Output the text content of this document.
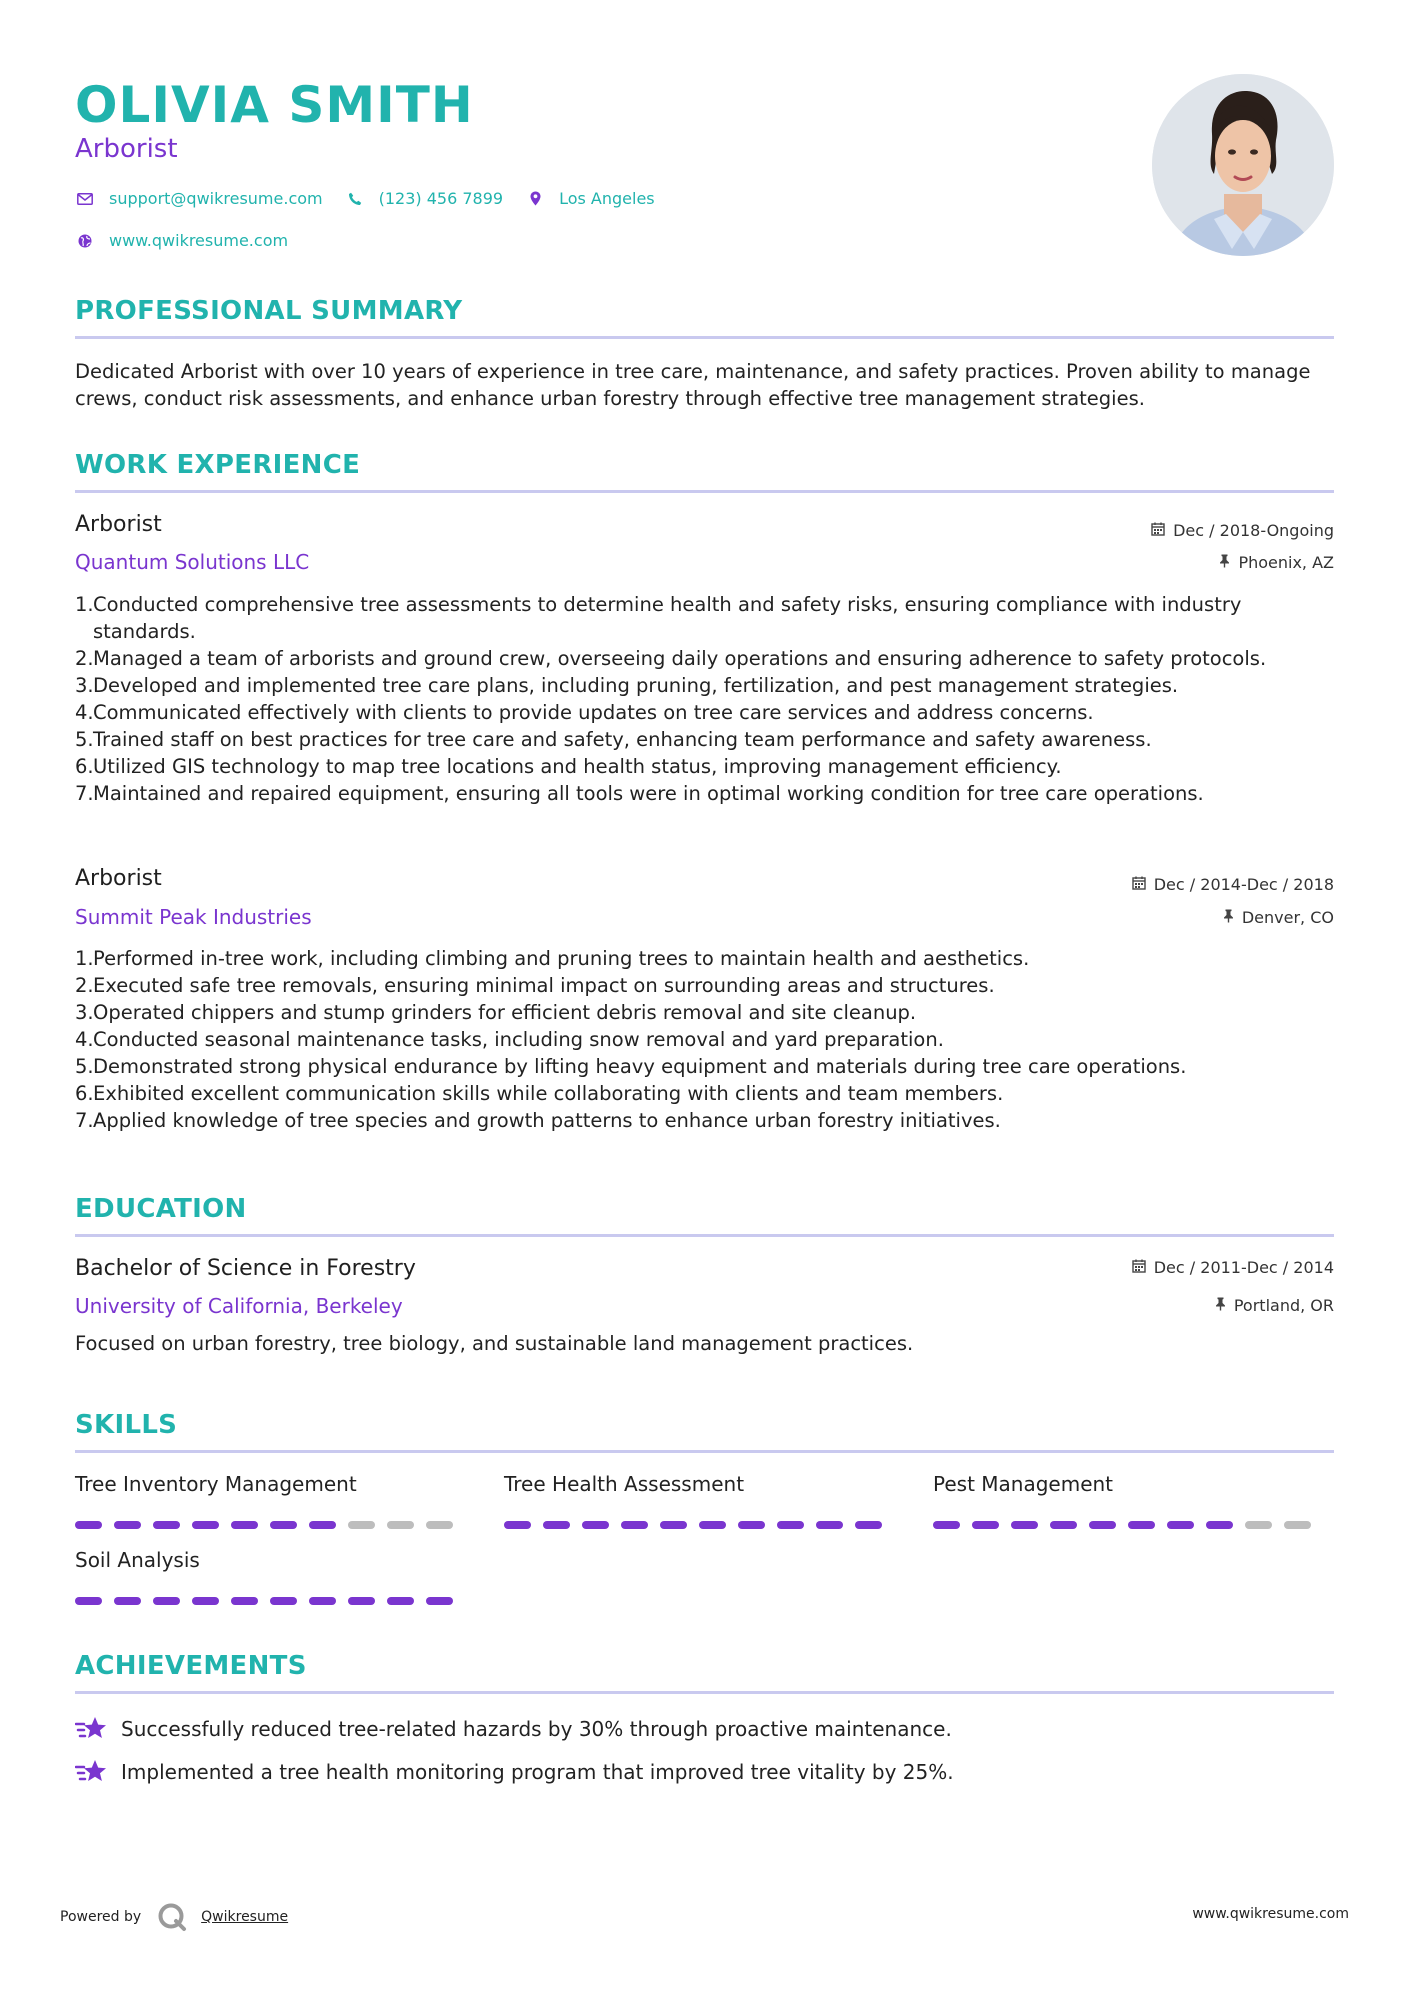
OLIVIA SMITH
Arborist
support@qwikresume.com	(123) 456 7899	Los Angeles
www.qwikresume.com
PROFESSIONAL SUMMARY
Dedicated Arborist with over 10 years of experience in tree care, maintenance, and safety practices. Proven ability to manage crews, conduct risk assessments, and enhance urban forestry through effective tree management strategies.
WORK EXPERIENCE
Arborist	Dec / 2018-Ongoing
Quantum Solutions LLC	Phoenix, AZ
1. Conducted comprehensive tree assessments to determine health and safety risks, ensuring compliance with industry standards.
2. Managed a team of arborists and ground crew, overseeing daily operations and ensuring adherence to safety protocols.
3. Developed and implemented tree care plans, including pruning, fertilization, and pest management strategies.
4. Communicated effectively with clients to provide updates on tree care services and address concerns.
5. Trained staff on best practices for tree care and safety, enhancing team performance and safety awareness.
6. Utilized GIS technology to map tree locations and health status, improving management efficiency.
7. Maintained and repaired equipment, ensuring all tools were in optimal working condition for tree care operations.
Arborist	Dec / 2014-Dec / 2018
Summit Peak Industries	Denver, CO
1. Performed in-tree work, including climbing and pruning trees to maintain health and aesthetics.
2. Executed safe tree removals, ensuring minimal impact on surrounding areas and structures.
3. Operated chippers and stump grinders for efficient debris removal and site cleanup.
4. Conducted seasonal maintenance tasks, including snow removal and yard preparation.
5. Demonstrated strong physical endurance by lifting heavy equipment and materials during tree care operations.
6. Exhibited excellent communication skills while collaborating with clients and team members.
7. Applied knowledge of tree species and growth patterns to enhance urban forestry initiatives.
EDUCATION
Bachelor of Science in Forestry	Dec / 2011-Dec / 2014
University of California, Berkeley	Portland, OR
Focused on urban forestry, tree biology, and sustainable land management practices.
SKILLS
Tree Inventory Management	Tree Health Assessment	Pest Management
Soil Analysis
ACHIEVEMENTS
Successfully reduced tree-related hazards by 30% through proactive maintenance.
Implemented a tree health monitoring program that improved tree vitality by 25%.
Powered by	Qwikresume	www.qwikresume.com
